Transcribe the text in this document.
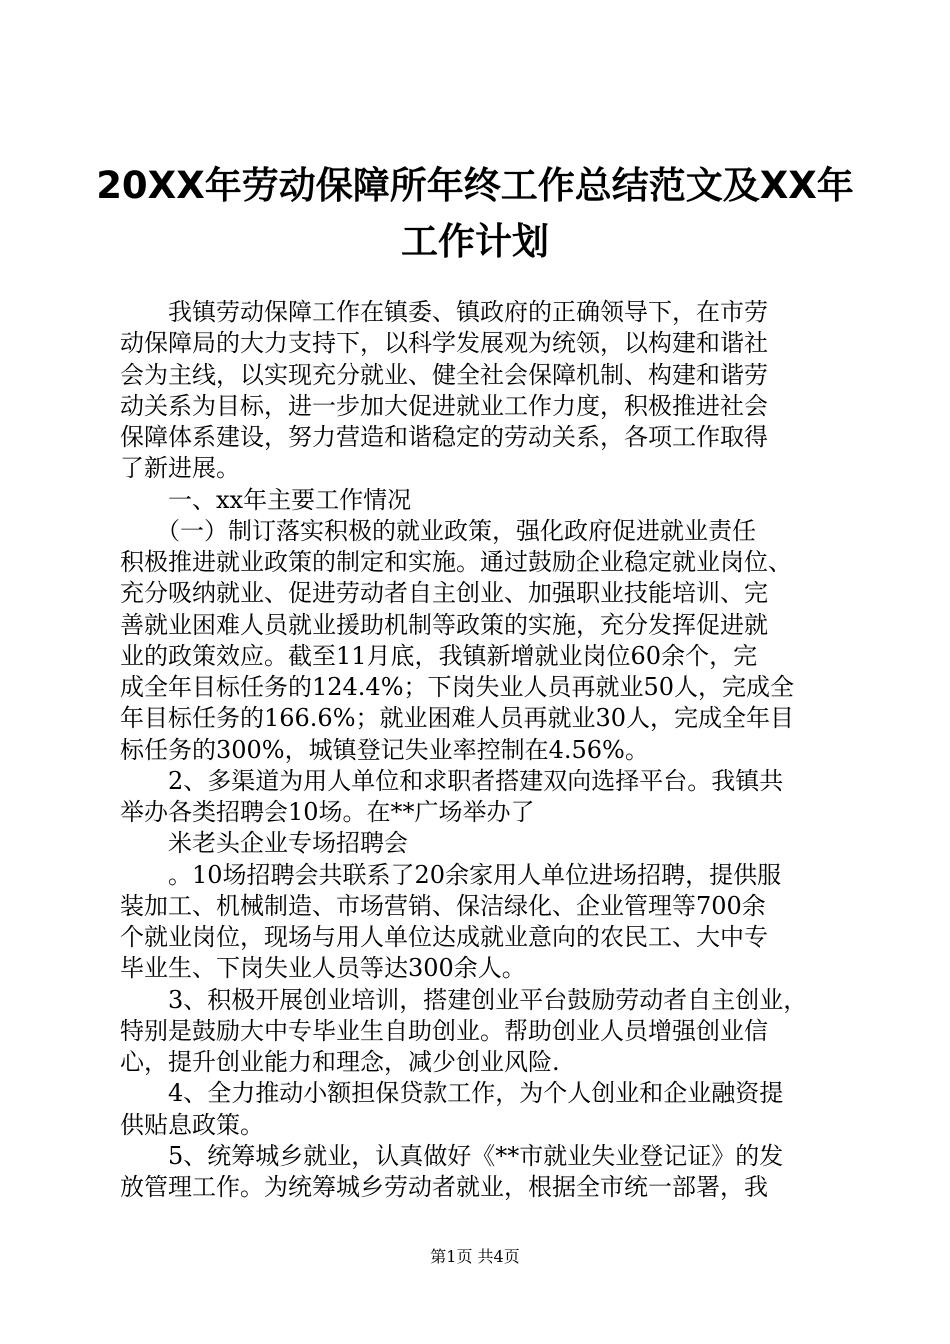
20XX年劳动保障所年终工作总结范文及XX年
工作计划
　　我镇劳动保障工作在镇委、镇政府的正确领导下，在市劳
动保障局的大力支持下，以科学发展观为统领，以构建和谐社
会为主线，以实现充分就业、健全社会保障机制、构建和谐劳
动关系为目标，进一步加大促进就业工作力度，积极推进社会
保障体系建设，努力营造和谐稳定的劳动关系，各项工作取得
了新进展。
　　一、xx年主要工作情况
　　（一）制订落实积极的就业政策，强化政府促进就业责任
积极推进就业政策的制定和实施。通过鼓励企业稳定就业岗位、
充分吸纳就业、促进劳动者自主创业、加强职业技能培训、完
善就业困难人员就业援助机制等政策的实施，充分发挥促进就
业的政策效应。截至11月底，我镇新增就业岗位60余个，完
成全年目标任务的124.4%；下岗失业人员再就业50人，完成全
年目标任务的166.6%；就业困难人员再就业30人，完成全年目
标任务的300%，城镇登记失业率控制在4.56%。
　　2、多渠道为用人单位和求职者搭建双向选择平台。我镇共
举办各类招聘会10场。在**广场举办了
　　米老头企业专场招聘会
　　。10场招聘会共联系了20余家用人单位进场招聘，提供服
装加工、机械制造、市场营销、保洁绿化、企业管理等700余
个就业岗位，现场与用人单位达成就业意向的农民工、大中专
毕业生、下岗失业人员等达300余人。
　　3、积极开展创业培训，搭建创业平台鼓励劳动者自主创业，
特别是鼓励大中专毕业生自助创业。帮助创业人员增强创业信
心，提升创业能力和理念，减少创业风险.
　　4、全力推动小额担保贷款工作，为个人创业和企业融资提
供贴息政策。
　　5、统筹城乡就业，认真做好《**市就业失业登记证》的发
放管理工作。为统筹城乡劳动者就业，根据全市统一部署，我
第1页 共4页
